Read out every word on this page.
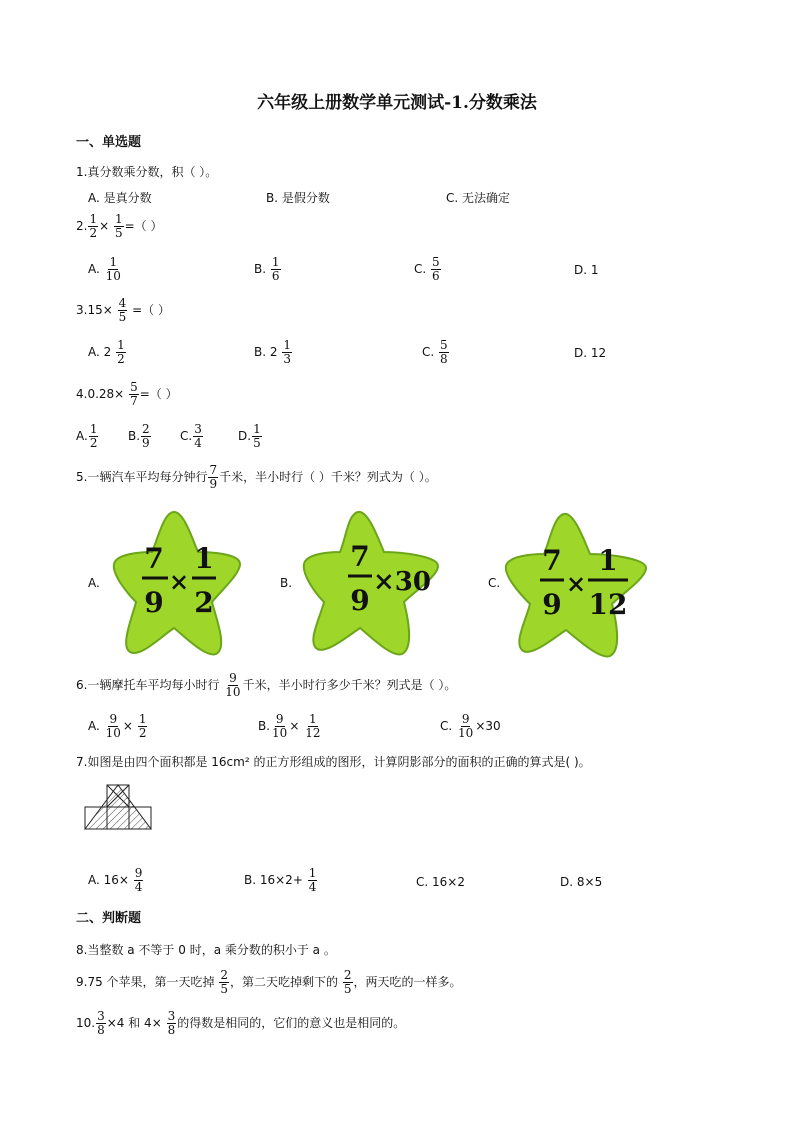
六年级上册数学单元测试-1.分数乘法
一、单选题
1.真分数乘分数，积（ ）。
A. 是真分数	B. 是假分数	C. 无法确定
2. $\frac{1}{2} \times \frac{1}{5}$ =（ ）
A. $\frac{1}{10}$	B. $\frac{1}{6}$	C. $\frac{5}{6}$	D. 1
$3.15\times \frac{4}{5}$ =（ ）
A. $2 \frac{1}{2}$	B. $2 \frac{1}{3}$	C. $\frac{5}{8}$	D. 12
$4.0.28\times \frac{5}{7}$ =（ ）
A. $\frac{1}{2} B$. $\frac{2}{9} C$. $\frac{3}{4}$	D. $\frac{1}{5}$
5.一辆汽车平均每分钟行 $\frac{7}{9}$ 千米，半小时行（ ）千米？列式为（ ）。
A.
7
9
×
1
2
B.
7
9
×30	C.
7
9
×
1
12
6.一辆摩托车平均每小时行 $\frac{9}{10}$ 千米，半小时行多少千米？列式是（ ）。
A. $\frac{9}{10} \times \frac{1}{2}$	B. $\frac{9}{10} \times \frac{1}{12}$	C. $\frac{9}{10} \times 30$
7.如图是由四个面积都是 16cm² 的正方形组成的图形，计算阴影部分的面积的正确的算式是( )。
A. $16\times \frac{9}{4}$	B. $16\times 2+ \frac{1}{4}$	C. 16×2	D. 8×5
二、判断题
8.当整数 a 不等于 0 时，a 乘分数的积小于 a 。
9.75 个苹果，第一天吃掉 $\frac{2}{5}$ ，第二天吃掉剩下的 $\frac{2}{5}$ ，两天吃的一样多。
10. $\frac{3}{8} \times 4$ 和 $4\times \frac{3}{8}$ 的得数是相同的，它们的意义也是相同的。
